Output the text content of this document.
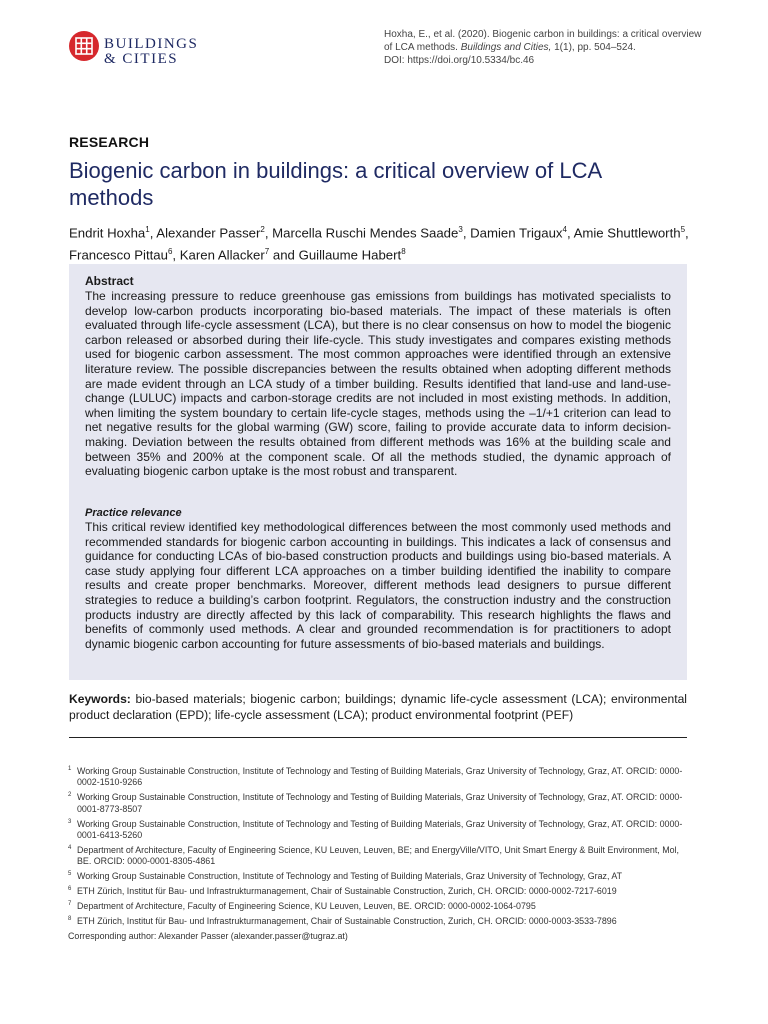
BUILDINGS
& CITIES
Hoxha, E., et al. (2020). Biogenic carbon in buildings: a critical overview of LCA methods. Buildings and Cities, 1(1), pp. 504–524.
DOI: https://doi.org/10.5334/bc.46
RESEARCH
Biogenic carbon in buildings: a critical overview of LCA methods
Endrit Hoxha$^1$, Alexander Passer$^2$, Marcella Ruschi Mendes Saade$^3$, Damien Trigaux$^4$, Amie Shuttleworth$^5$, Francesco Pittau$^6$, Karen Allacker$^7$ and Guillaume Habert$^8$
Abstract
The increasing pressure to reduce greenhouse gas emissions from buildings has motivated specialists to develop low-carbon products incorporating bio-based materials. The impact of these materials is often evaluated through life-cycle assessment (LCA), but there is no clear consensus on how to model the biogenic carbon released or absorbed during their life-cycle. This study investigates and compares existing methods used for biogenic carbon assessment. The most common approaches were identified through an extensive literature review. The possible discrepancies between the results obtained when adopting different methods are made evident through an LCA study of a timber building. Results identified that land-use and land-use-change (LULUC) impacts and carbon-storage credits are not included in most existing methods. In addition, when limiting the system boundary to certain life-cycle stages, methods using the –1/+1 criterion can lead to net negative results for the global warming (GW) score, failing to provide accurate data to inform decision-making. Deviation between the results obtained from different methods was 16% at the building scale and between 35% and 200% at the component scale. Of all the methods studied, the dynamic approach of evaluating biogenic carbon uptake is the most robust and transparent.
Practice relevance
This critical review identified key methodological differences between the most commonly used methods and recommended standards for biogenic carbon accounting in buildings. This indicates a lack of consensus and guidance for conducting LCAs of bio-based construction products and buildings using bio-based materials. A case study applying four different LCA approaches on a timber building identified the inability to compare results and create proper benchmarks. Moreover, different methods lead designers to pursue different strategies to reduce a building’s carbon footprint. Regulators, the construction industry and the construction products industry are directly affected by this lack of comparability. This research highlights the flaws and benefits of commonly used methods. A clear and grounded recommendation is for practitioners to adopt dynamic biogenic carbon accounting for future assessments of bio-based materials and buildings.
Keywords: bio-based materials; biogenic carbon; buildings; dynamic life-cycle assessment (LCA); environmental product declaration (EPD); life-cycle assessment (LCA); product environmental footprint (PEF)
1 Working Group Sustainable Construction, Institute of Technology and Testing of Building Materials, Graz University of Technology, Graz, AT. ORCID: 0000-0002-1510-9266
2 Working Group Sustainable Construction, Institute of Technology and Testing of Building Materials, Graz University of Technology, Graz, AT. ORCID: 0000-0001-8773-8507
3 Working Group Sustainable Construction, Institute of Technology and Testing of Building Materials, Graz University of Technology, Graz, AT. ORCID: 0000-0001-6413-5260
4 Department of Architecture, Faculty of Engineering Science, KU Leuven, Leuven, BE; and EnergyVille/VITO, Unit Smart Energy & Built Environment, Mol, BE. ORCID: 0000-0001-8305-4861
5 Working Group Sustainable Construction, Institute of Technology and Testing of Building Materials, Graz University of Technology, Graz, AT
6 ETH Zürich, Institut für Bau- und Infrastrukturmanagement, Chair of Sustainable Construction, Zurich, CH. ORCID: 0000-0002-7217-6019
7 Department of Architecture, Faculty of Engineering Science, KU Leuven, Leuven, BE. ORCID: 0000-0002-1064-0795
8 ETH Zürich, Institut für Bau- und Infrastrukturmanagement, Chair of Sustainable Construction, Zurich, CH. ORCID: 0000-0003-3533-7896
Corresponding author: Alexander Passer (alexander.passer@tugraz.at)
